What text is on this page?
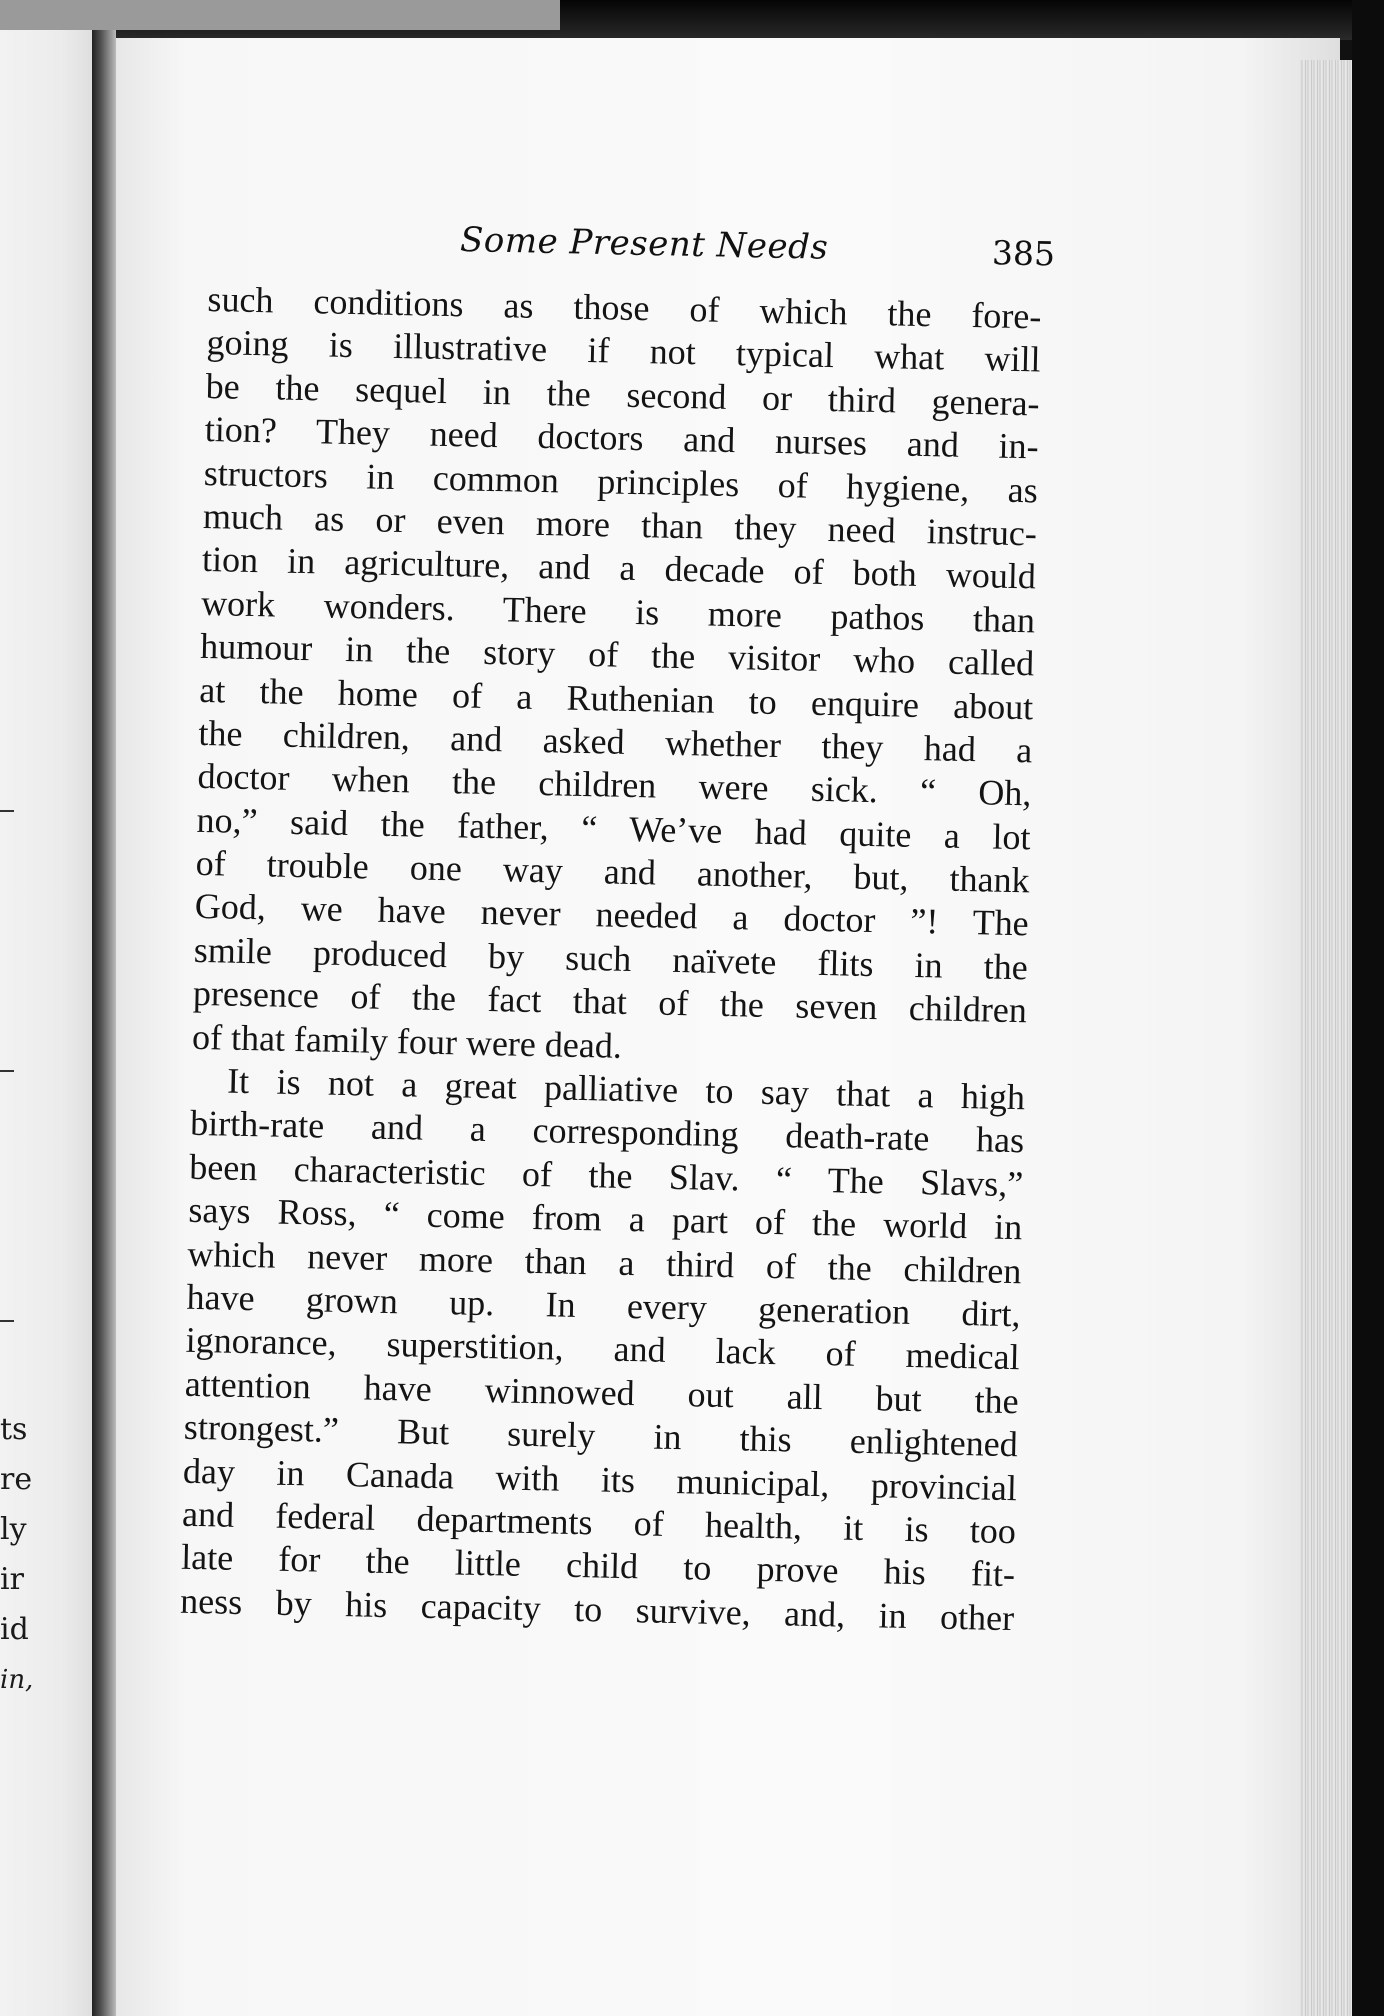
ts
re
ly
ir
id
in,
Some Present Needs	385
such conditions as those of which the fore-
going is illustrative if not typical what will
be the sequel in the second or third genera-
tion? They need doctors and nurses and in-
structors in common principles of hygiene, as
much as or even more than they need instruc-
tion in agriculture, and a decade of both would
work wonders. There is more pathos than
humour in the story of the visitor who called
at the home of a Ruthenian to enquire about
the children, and asked whether they had a
doctor when the children were sick. “ Oh,
no,” said the father, “ We’ve had quite a lot
of trouble one way and another, but, thank
God, we have never needed a doctor ”! The
smile produced by such naïvete flits in the
presence of the fact that of the seven children
of that family four were dead.
It is not a great palliative to say that a high
birth-rate and a corresponding death-rate has
been characteristic of the Slav. “ The Slavs,”
says Ross, “ come from a part of the world in
which never more than a third of the children
have grown up. In every generation dirt,
ignorance, superstition, and lack of medical
attention have winnowed out all but the
strongest.” But surely in this enlightened
day in Canada with its municipal, provincial
and federal departments of health, it is too
late for the little child to prove his fit-
ness by his capacity to survive, and, in other
